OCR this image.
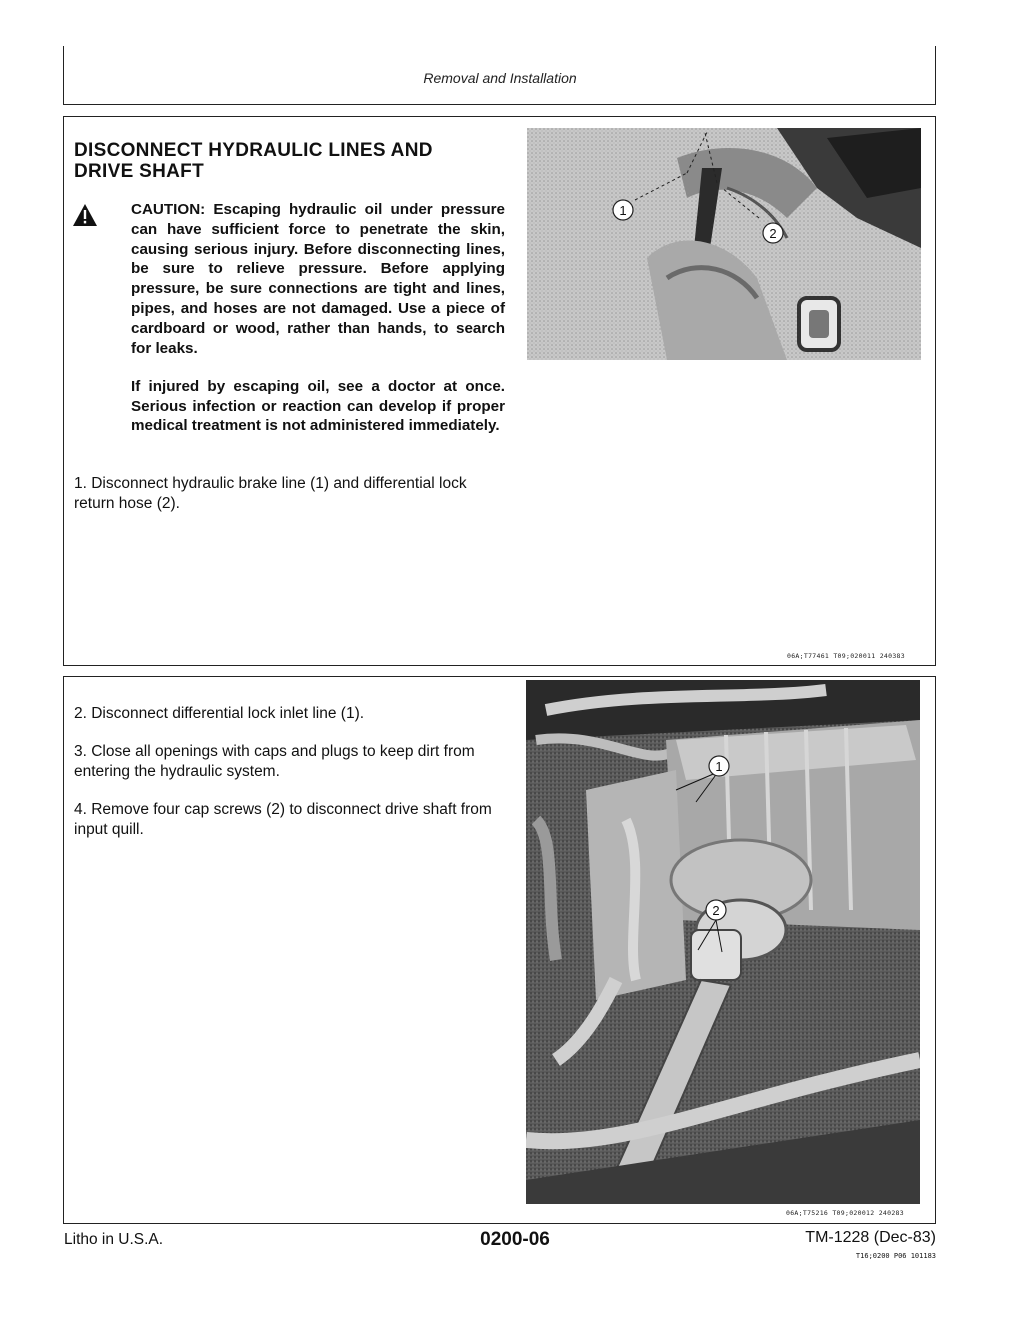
Removal and Installation
DISCONNECT HYDRAULIC LINES AND
DRIVE SHAFT
CAUTION: Escaping hydraulic oil under pressure can have sufficient force to penetrate the skin, causing serious injury. Before disconnecting lines, be sure to relieve pressure. Before applying pressure, be sure connections are tight and lines, pipes, and hoses are not damaged. Use a piece of cardboard or wood, rather than hands, to search for leaks.
If injured by escaping oil, see a doctor at once. Serious infection or reaction can develop if proper medical treatment is not administered immediately.
1. Disconnect hydraulic brake line (1) and differential lock return hose (2).
1
2
06A;T77461 T09;020011 240383
2. Disconnect differential lock inlet line (1).
3. Close all openings with caps and plugs to keep dirt from entering the hydraulic system.
4. Remove four cap screws (2) to disconnect drive shaft from input quill.
1
2
06A;T75216 T09;020012 240283
Litho in U.S.A.	0200-06	TM-1228 (Dec-83)
T16;0200 P06 101183
